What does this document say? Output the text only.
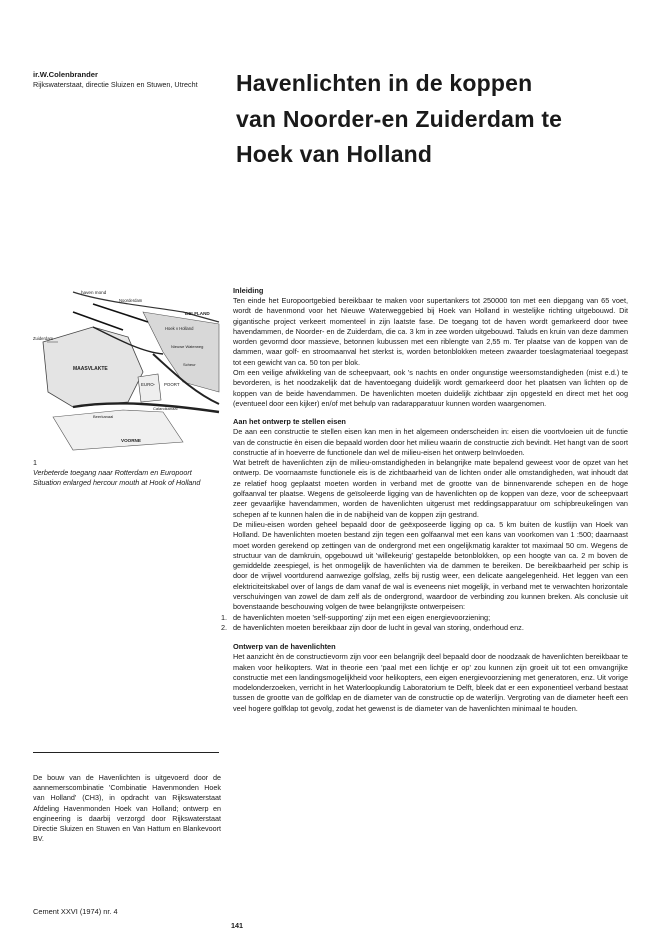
ir.W.Colenbrander
Rijkswaterstaat, directie Sluizen en Stuwen, Utrecht	Havenlichten in de koppen
van Noorder-en Zuiderdam te
Hoek van Holland
haven mond
Noorderdam
DELFLAND
Hoek v Holland
Zuiderdam
Nieuwe Waterweg
Scheur
MAASVLAKTE
EURO- POORT
Calandkanaal
Beerkanaal
VOORNE
1
Verbeterde toegang naar Rotterdam en Europoort
Situation enlarged hercour mouth at Hook of Holland
De bouw van de Havenlichten is uitgevoerd door de aannemerscombinatie 'Combinatie Havenmonden Hoek van Holland' (CH3), in opdracht van Rijkswaterstaat Afdeling Havenmonden Hoek van Holland; ontwerp en engineering is daarbij verzorgd door Rijkswaterstaat Directie Sluizen en Stuwen en Van Hattum en Blankevoort BV.
Inleiding

Ten einde het Europoortgebied bereikbaar te maken voor supertankers tot 250000 ton met een diepgang van 65 voet, wordt de havenmond voor het Nieuwe Waterweggebied bij Hoek van Holland in westelijke richting uitgebouwd. Dit gigantische project verkeert momenteel in zijn laatste fase. De toegang tot de haven wordt gemarkeerd door twee havendammen, de Noorder- en de Zuiderdam, die ca. 3 km in zee worden uitgebouwd. Taluds en kruin van deze dammen worden gevormd door massieve, betonnen kubussen met een riblengte van 2,55 m. Ter plaatse van de koppen van de dammen, waar golf- en stroomaanval het sterkst is, worden betonblokken meteen zwaarder toeslagmateriaal toegepast tot een gewicht van ca. 50 ton per blok.

Om een veilige afwikkeling van de scheepvaart, ook 's nachts en onder ongunstige weersomstandigheden (mist e.d.) te bevorderen, is het noodzakelijk dat de haventoegang duidelijk wordt gemarkeerd door het plaatsen van lichten op de koppen van de beide havendammen. De havenlichten moeten duidelijk zichtbaar zijn opgesteld en direct met het oog (eventueel door een kijker) en/of met behulp van radarapparatuur kunnen worden waargenomen.

Aan het ontwerp te stellen eisen

De aan een constructie te stellen eisen kan men in het algemeen onderscheiden in: eisen die voortvloeien uit de functie van de constructie èn eisen die bepaald worden door het milieu waarin de constructie zich bevindt. Het hangt van de soort constructie af in hoeverre de functionele dan wel de milieu-eisen het ontwerp beïnvloeden.

Wat betreft de havenlichten zijn de milieu-omstandigheden in belangrijke mate bepalend geweest voor de opzet van het ontwerp. De voornaamste functionele eis is de zichtbaarheid van de lichten onder alle omstandigheden, wat inhoudt dat ze relatief hoog geplaatst moeten worden in verband met de grootte van de binnenvarende schepen en de hoge golfaanval ter plaatse. Wegens de geïsoleerde ligging van de havenlichten op de koppen van deze, voor de scheepvaart zeer gevaarlijke havendammen, worden de havenlichten uitgerust met reddingsapparatuur om schipbreukelingen van schepen af te kunnen halen die in de nabijheid van de koppen zijn gestrand.

De milieu-eisen worden geheel bepaald door de geëxposeerde ligging op ca. 5 km buiten de kustlijn van Hoek van Holland. De havenlichten moeten bestand zijn tegen een golfaanval met een kans van voorkomen van 1 :500; daarnaast moet worden gerekend op zettingen van de ondergrond met een ongelijkmatig karakter tot maximaal 50 cm. Wegens de structuur van de damkruin, opgebouwd uit 'willekeurig' gestapelde betonblokken, op een hoogte van ca. 2 m boven de gemiddelde zeespiegel, is het onmogelijk de havenlichten via de dammen te bereiken. De bereikbaarheid per schip is door de vrijwel voortdurend aanwezige golfslag, zelfs bij rustig weer, een delicate aangelegenheid. Het leggen van een elektriciteitskabel over of langs de dam vanaf de wal is eveneens niet mogelijk, in verband met te verwachten horizontale verschuivingen van zowel de dam zelf als de ondergrond, waardoor de verbinding zou kunnen breken. Als conclusie uit bovenstaande beschouwing volgen de twee belangrijkste ontwerpeisen:

1. de havenlichten moeten 'self-supporting' zijn met een eigen energievoorziening;
2. de havenlichten moeten bereikbaar zijn door de lucht in geval van storing, onderhoud enz.
Ontwerp van de havenlichten

Het aanzicht èn de constructievorm zijn voor een belangrijk deel bepaald door de noodzaak de havenlichten bereikbaar te maken voor helikopters. Wat in theorie een 'paal met een lichtje er op' zou kunnen zijn groeit uit tot een omvangrijke constructie met een landingsmogelijkheid voor helikopters, een eigen energievoorziening met generatoren, enz. Uit vorige modelonderzoeken, verricht in het Waterloopkundig Laboratorium te Delft, bleek dat er een exponentieel verband bestaat tussen de grootte van de golfklap en de diameter van de constructie op de waterlijn. Vergroting van de diameter heeft een veel hogere golfklap tot gevolg, zodat het gewenst is de diameter van de havenlichten minimaal te houden.

Cement XXVI (1974) nr. 4
141
